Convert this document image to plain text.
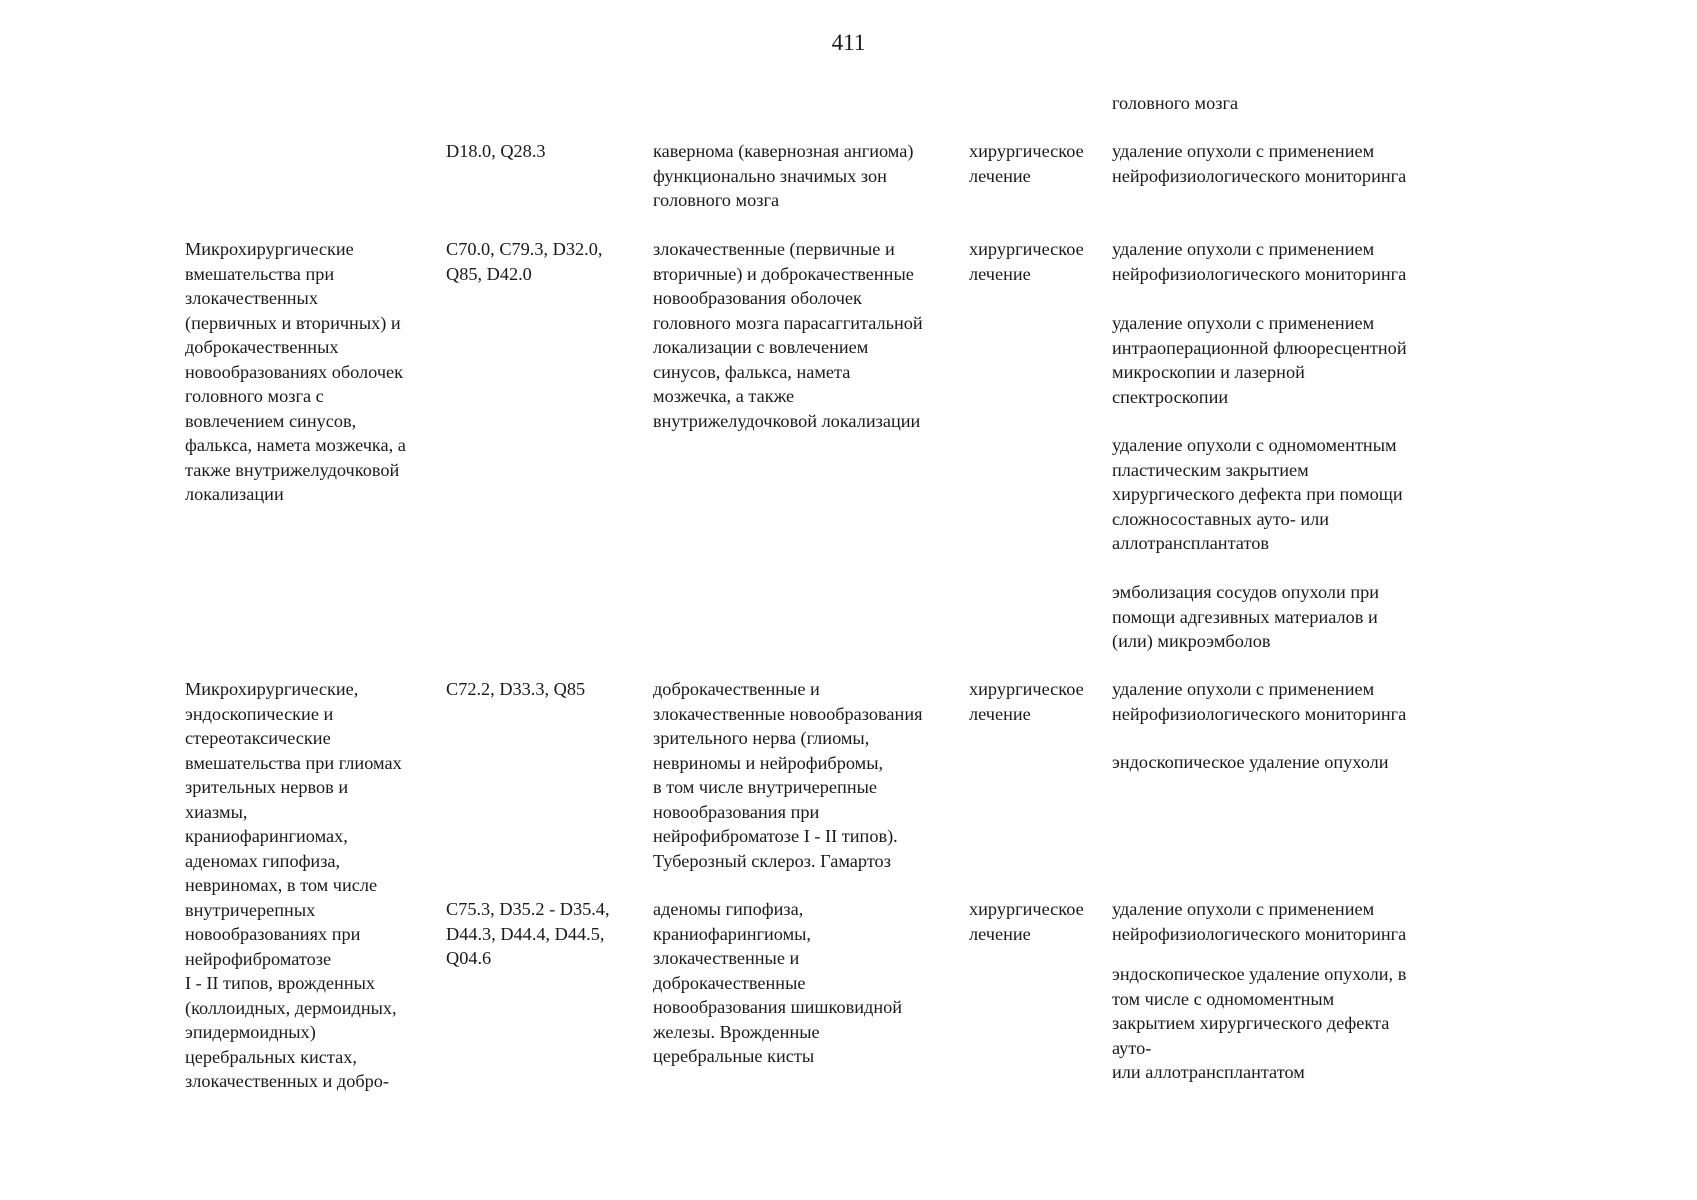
411
головного мозга
D18.0, Q28.3	кавернома (кавернозная ангиома)
функционально значимых зон
головного мозга
хирургическое
лечение
удаление опухоли с применением
нейрофизиологического мониторинга
Микрохирургические
вмешательства при
злокачественных
(первичных и вторичных) и
доброкачественных
новообразованиях оболочек
головного мозга с
вовлечением синусов,
фалькса, намета мозжечка, а
также внутрижелудочковой
локализации
C70.0, C79.3, D32.0,
Q85, D42.0
злокачественные (первичные и
вторичные) и доброкачественные
новообразования оболочек
головного мозга парасаггитальной
локализации с вовлечением
синусов, фалькса, намета
мозжечка, а также
внутрижелудочковой локализации
хирургическое
лечение
удаление опухоли с применением
нейрофизиологического мониторинга
удаление опухоли с применением
интраоперационной флюоресцентной
микроскопии и лазерной
спектроскопии
удаление опухоли с одномоментным
пластическим закрытием
хирургического дефекта при помощи
сложносоставных ауто- или
аллотрансплантатов
эмболизация сосудов опухоли при
помощи адгезивных материалов и
(или) микроэмболов
Микрохирургические,
эндоскопические и
стереотаксические
вмешательства при глиомах
зрительных нервов и
хиазмы,
краниофарингиомах,
аденомах гипофиза,
невриномах, в том числе
внутричерепных
новообразованиях при
нейрофиброматозе
I - II типов, врожденных
(коллоидных, дермоидных,
эпидермоидных)
церебральных кистах,
злокачественных и добро-
C72.2, D33.3, Q85	доброкачественные и
злокачественные новообразования
зрительного нерва (глиомы,
невриномы и нейрофибромы,
в том числе внутричерепные
новообразования при
нейрофиброматозе I - II типов).
Туберозный склероз. Гамартоз
хирургическое
лечение
удаление опухоли с применением
нейрофизиологического мониторинга
эндоскопическое удаление опухоли
C75.3, D35.2 - D35.4,
D44.3, D44.4, D44.5,
Q04.6
аденомы гипофиза,
краниофарингиомы,
злокачественные и
доброкачественные
новообразования шишковидной
железы. Врожденные
церебральные кисты
хирургическое
лечение
удаление опухоли с применением
нейрофизиологического мониторинга
эндоскопическое удаление опухоли, в
том числе с одномоментным
закрытием хирургического дефекта
ауто-
или аллотрансплантатом
